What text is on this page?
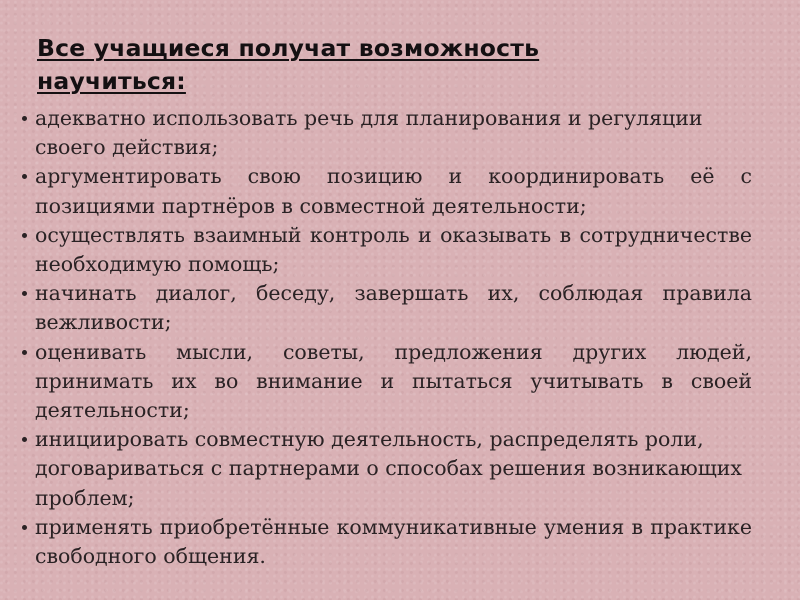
Все учащиеся получат возможность
научиться:
адекватно использовать речь для планирования и регуляции своего действия;
аргументировать свою позицию и координировать её с позициями партнёров в совместной деятельности;
осуществлять взаимный контроль и оказывать в сотрудничестве необходимую помощь;
начинать диалог, беседу, завершать их, соблюдая правила вежливости;
оценивать мысли, советы, предложения других людей, принимать их во внимание и пытаться учитывать в своей деятельности;
инициировать совместную деятельность, распределять роли, договариваться с партнерами о способах решения возникающих проблем;
применять приобретённые коммуникативные умения в практике свободного общения.
